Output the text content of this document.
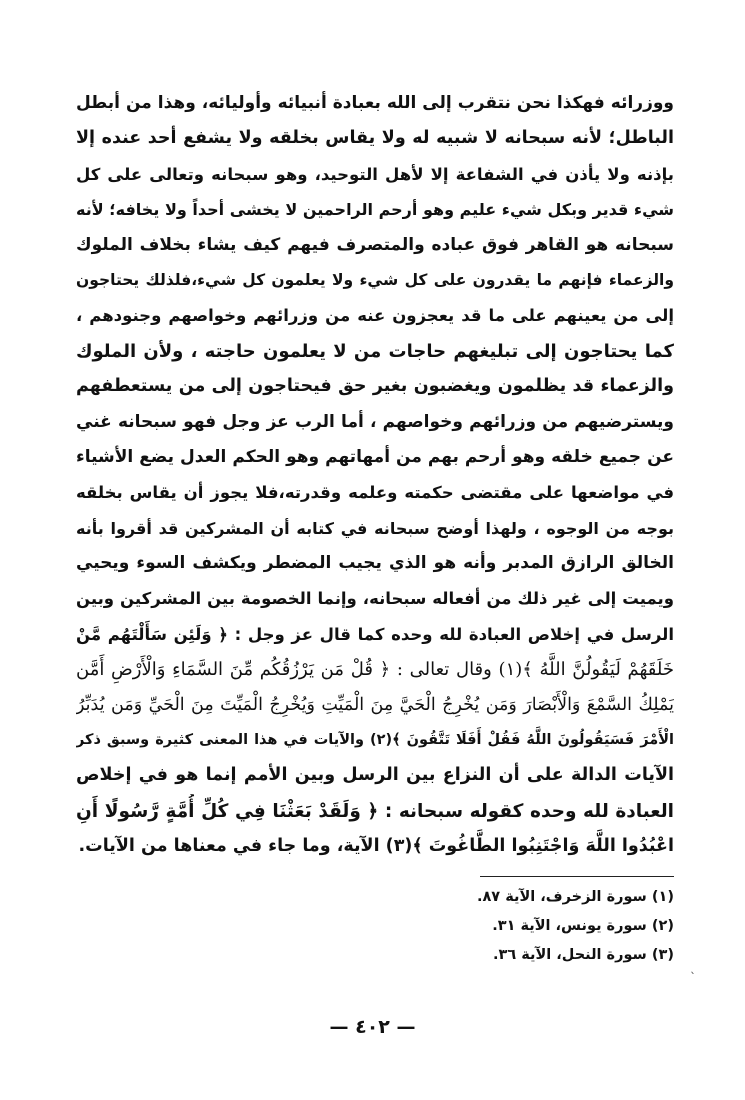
ووزرائه فهكذا نحن نتقرب إلى الله بعبادة أنبيائه وأوليائه، وهذا من أبطل
الباطل؛ لأنه سبحانه لا شبيه له ولا يقاس بخلقه ولا يشفع أحد عنده إلا
بإذنه ولا يأذن في الشفاعة إلا لأهل التوحيد، وهو سبحانه وتعالى على كل
شيء قدير وبكل شيء عليم وهو أرحم الراحمين لا يخشى أحداً ولا يخافه؛ لأنه
سبحانه هو القاهر فوق عباده والمتصرف فيهم كيف يشاء بخلاف الملوك
والزعماء فإنهم ما يقدرون على كل شيء ولا يعلمون كل شيء،فلذلك يحتاجون
إلى من يعينهم على ما قد يعجزون عنه من وزرائهم وخواصهم وجنودهم ،
كما يحتاجون إلى تبليغهم حاجات من لا يعلمون حاجته ، ولأن الملوك
والزعماء قد يظلمون ويغضبون بغير حق فيحتاجون إلى من يستعطفهم
ويسترضيهم من وزرائهم وخواصهم ، أما الرب عز وجل فهو سبحانه غني
عن جميع خلقه وهو أرحم بهم من أمهاتهم وهو الحكم العدل يضع الأشياء
في مواضعها على مقتضى حكمته وعلمه وقدرته،فلا يجوز أن يقاس بخلقه
بوجه من الوجوه ، ولهذا أوضح سبحانه في كتابه أن المشركين قد أقروا بأنه
الخالق الرازق المدبر وأنه هو الذي يجيب المضطر ويكشف السوء ويحيي
ويميت إلى غير ذلك من أفعاله سبحانه، وإنما الخصومة بين المشركين وبين
الرسل في إخلاص العبادة لله وحده كما قال عز وجل : ﴿ وَلَئِن سَأَلْتَهُم مَّنْ
خَلَقَهُمْ لَيَقُولُنَّ اللَّهُ ﴾(١) وقال تعالى : ﴿ قُلْ مَن يَرْزُقُكُم مِّنَ السَّمَاءِ وَالْأَرْضِ أَمَّن
يَمْلِكُ السَّمْعَ وَالْأَبْصَارَ وَمَن يُخْرِجُ الْحَيَّ مِنَ الْمَيِّتِ وَيُخْرِجُ الْمَيِّتَ مِنَ الْحَيِّ وَمَن يُدَبِّرُ
الْأَمْرَ فَسَيَقُولُونَ اللَّهُ فَقُلْ أَفَلَا تَتَّقُونَ ﴾(٢) والآيات في هذا المعنى كثيرة وسبق ذكر
الآيات الدالة على أن النزاع بين الرسل وبين الأمم إنما هو في إخلاص
العبادة لله وحده كقوله سبحانه : ﴿ وَلَقَدْ بَعَثْنَا فِي كُلِّ أُمَّةٍ رَّسُولًا أَنِ
اعْبُدُوا اللَّهَ وَاجْتَنِبُوا الطَّاغُوتَ ﴾(٣) الآية، وما جاء في معناها من الآيات.
(١) سورة الزخرف، الآية ٨٧.
(٢) سورة يونس، الآية ٣١.
(٣) سورة النحل، الآية ٣٦.
— ٤٠٢ —
ˎ
